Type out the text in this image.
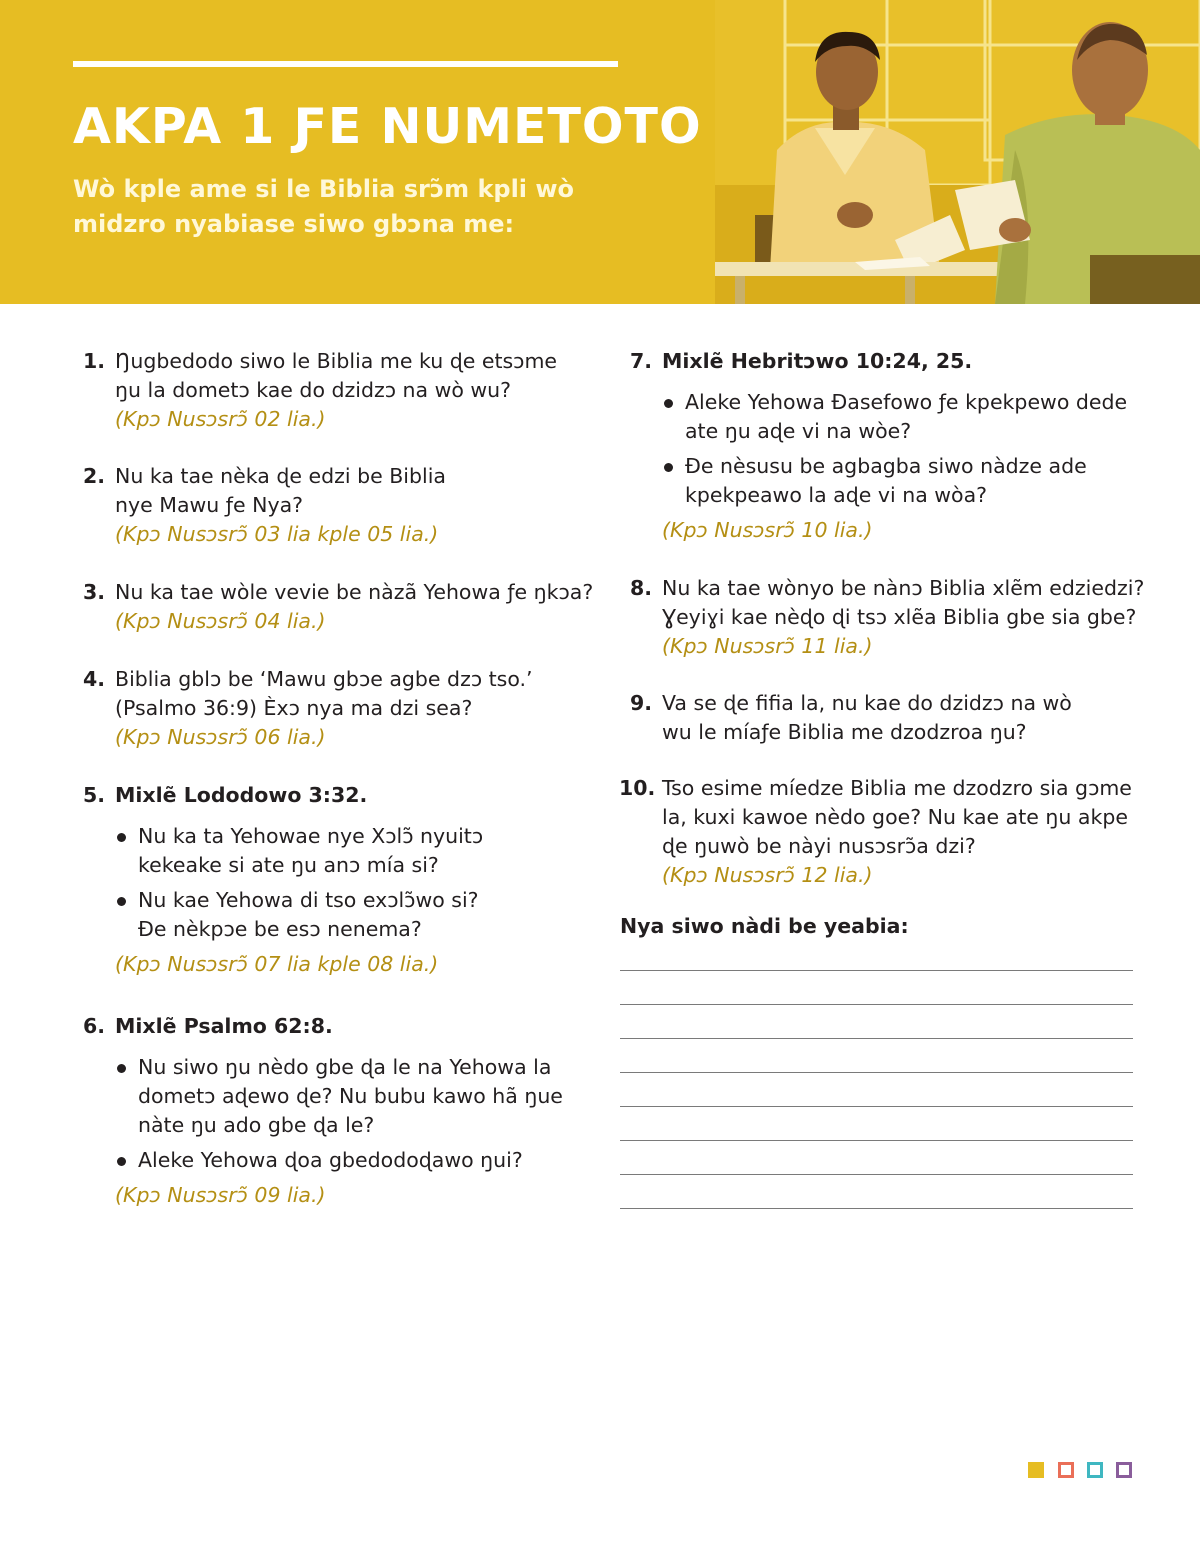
AKPA 1 ƑE NUMETOTO

Wò kple ame si le Biblia srɔ̃m kpli wò midzro nyabiase siwo gbɔna me:

1. Ŋugbedodo siwo le Biblia me ku ɖe etsɔme
ŋu la dometɔ kae do dzidzɔ na wò wu?
(Kpɔ Nusɔsrɔ̃ 02 lia.)
2. Nu ka tae nèka ɖe edzi be Biblia
nye Mawu ƒe Nya?
(Kpɔ Nusɔsrɔ̃ 03 lia kple 05 lia.)
3. Nu ka tae wòle vevie be nàzã Yehowa ƒe ŋkɔa?
(Kpɔ Nusɔsrɔ̃ 04 lia.)
4. Biblia gblɔ be ‘Mawu gbɔe agbe dzɔ tso.’
(Psalmo 36:9) Èxɔ nya ma dzi sea?
(Kpɔ Nusɔsrɔ̃ 06 lia.)
5. Mixlẽ Lododowo 3:32.
Nu ka ta Yehowae nye Xɔlɔ̃ nyuitɔ
kekeake si ate ŋu anɔ mía si?
Nu kae Yehowa di tso exɔlɔ̃wo si?
Ɖe nèkpɔe be esɔ nenema?
(Kpɔ Nusɔsrɔ̃ 07 lia kple 08 lia.)
6. Mixlẽ Psalmo 62:8.
Nu siwo ŋu nèdo gbe ɖa le na Yehowa la
dometɔ aɖewo ɖe? Nu bubu kawo hã ŋue
nàte ŋu ado gbe ɖa le?
Aleke Yehowa ɖoa gbedodoɖawo ŋui?
(Kpɔ Nusɔsrɔ̃ 09 lia.)
7. Mixlẽ Hebritɔwo 10:24, 25.
Aleke Yehowa Ðasefowo ƒe kpekpewo dede
ate ŋu aɖe vi na wòe?
Ðe nèsusu be agbagba siwo nàdze ade
kpekpeawo la aɖe vi na wòa?
(Kpɔ Nusɔsrɔ̃ 10 lia.)
8. Nu ka tae wònyo be nànɔ Biblia xlẽm edziedzi?
Ɣeyiɣi kae nèɖo ɖi tsɔ xlẽa Biblia gbe sia gbe?
(Kpɔ Nusɔsrɔ̃ 11 lia.)
9. Va se ɖe fifia la, nu kae do dzidzɔ na wò
wu le míaƒe Biblia me dzodzroa ŋu?
10. Tso esime míedze Biblia me dzodzro sia gɔme
la, kuxi kawoe nèdo goe? Nu kae ate ŋu akpe
ɖe ŋuwò be nàyi nusɔsrɔ̃a dzi?
(Kpɔ Nusɔsrɔ̃ 12 lia.)
Nya siwo nàdi be yeabia:
